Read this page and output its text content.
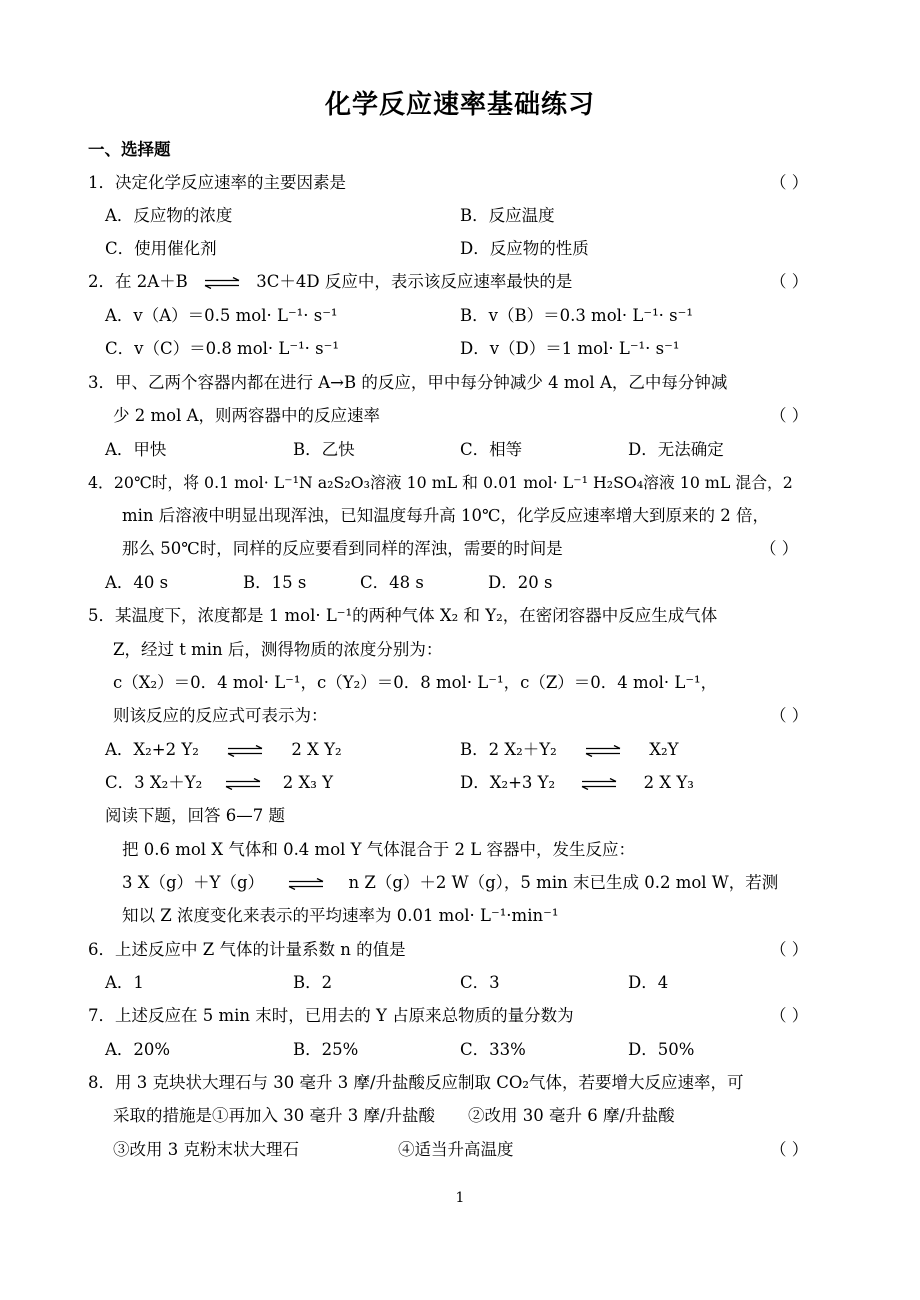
化学反应速率基础练习
一、选择题
1．决定化学反应速率的主要因素是	（ ）
A．反应物的浓度	B．反应温度
C．使用催化剂	D．反应物的性质
2．在 2A＋B ⇌ 3C＋4D 反应中，表示该反应速率最快的是	（ ）
A．v（A）＝0.5 mol· L⁻¹· s⁻¹	B．v（B）＝0.3 mol· L⁻¹· s⁻¹
C．v（C）＝0.8 mol· L⁻¹· s⁻¹	D．v（D）＝1 mol· L⁻¹· s⁻¹
3．甲、乙两个容器内都在进行 A→B 的反应，甲中每分钟减少 4 mol A，乙中每分钟减
少 2 mol A，则两容器中的反应速率	（ ）
A．甲快	B．乙快	C．相等	D．无法确定
4．20℃时，将 0.1 mol· L⁻¹N a₂S₂O₃溶液 10 mL 和 0.01 mol· L⁻¹ H₂SO₄溶液 10 mL 混合，2
min 后溶液中明显出现浑浊，已知温度每升高 10℃，化学反应速率增大到原来的 2 倍，
那么 50℃时，同样的反应要看到同样的浑浊，需要的时间是	（ ）
A．40 s	B．15 s	C．48 s	D．20 s
5．某温度下，浓度都是 1 mol· L⁻¹的两种气体 X₂ 和 Y₂，在密闭容器中反应生成气体
Z，经过 t min 后，测得物质的浓度分别为：
c（X₂）＝0．4 mol· L⁻¹，c（Y₂）＝0．8 mol· L⁻¹，c（Z）＝0．4 mol· L⁻¹，
则该反应的反应式可表示为：	（ ）
A．X₂+2 Y₂	2 X Y₂	B．2 X₂＋Y₂	X₂Y
C．3 X₂＋Y₂ ⇌ 2 X₃ Y	D．X₂+3 Y₂	2 X Y₃
阅读下题，回答 6—7 题
把 0.6 mol X 气体和 0.4 mol Y 气体混合于 2 L 容器中，发生反应：
3 X（g）＋Y（g） ⇌ n Z（g）＋2 W（g），5 min 末已生成 0.2 mol W，若测
知以 Z 浓度变化来表示的平均速率为 0.01 mol· L⁻¹·min⁻¹
6．上述反应中 Z 气体的计量系数 n 的值是	（ ）
A．1	B．2	C．3	D．4
7．上述反应在 5 min 末时，已用去的 Y 占原来总物质的量分数为	（ ）
A．20%	B．25%	C．33%	D．50%
8．用 3 克块状大理石与 30 毫升 3 摩/升盐酸反应制取 CO₂气体，若要增大反应速率，可
采取的措施是①再加入 30 毫升 3 摩/升盐酸　　②改用 30 毫升 6 摩/升盐酸
③改用 3 克粉末状大理石	④适当升高温度	（ ）
1
